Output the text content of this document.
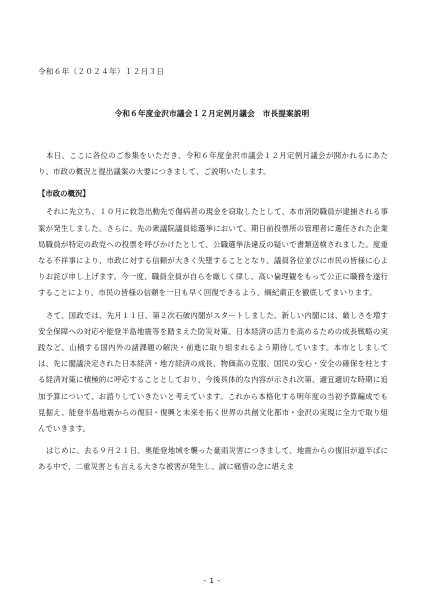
令和６年（２０２４年）１２月３日
令和６年度金沢市議会１２月定例月議会　市長提案説明

本日、ここに各位のご参集をいただき、令和６年度金沢市議会１２月定例月議会が開かれるにあたり、市政の概況と提出議案の大要につきまして、ご説明いたします。

【市政の概況】

それに先立ち、１０月に救急出動先で傷病者の現金を窃取したとして、本市消防職員が逮捕される事案が発生しました。さらに、先の衆議院議員総選挙において、期日前投票所の管理者に選任された企業局職員が特定の政党への投票を呼びかけたとして、公職選挙法違反の疑いで書類送検されました。度重なる不祥事により、市政に対する信頼が大きく失墜することとなり、議員各位並びに市民の皆様に心よりお詫び申し上げます。今一度、職員全員が自らを厳しく律し、高い倫理観をもって公正に職務を遂行することにより、市民の皆様の信頼を一日も早く回復できるよう、綱紀粛正を徹底してまいります。

さて、国政では、先月１１日、第２次石破内閣がスタートしました。新しい内閣には、厳しさを増す安全保障への対応や能登半島地震等を踏まえた防災対策、日本経済の活力を高めるための成長戦略の実践など、山積する国内外の諸課題の解決・前進に取り組まれるよう期待しています。本市としましては、先に閣議決定された日本経済・地方経済の成長、物価高の克服、国民の安心・安全の確保を柱とする経済対策に積極的に呼応することとしており、今後具体的な内容が示され次第、適宜適切な時期に追加予算について、お諮りしていきたいと考えています。これから本格化する明年度の当初予算編成でも見据え、能登半島地震からの復旧・復興と未来を拓く世界の共創文化都市・金沢の実現に全力で取り組んでいきます。

はじめに、去る９月２１日、奥能登地域を襲った豪雨災害につきまして、地震からの復旧が道半ばにある中で、二重災害とも言える大きな被害が発生し、誠に痛惜の念に堪えま

- 1 -
